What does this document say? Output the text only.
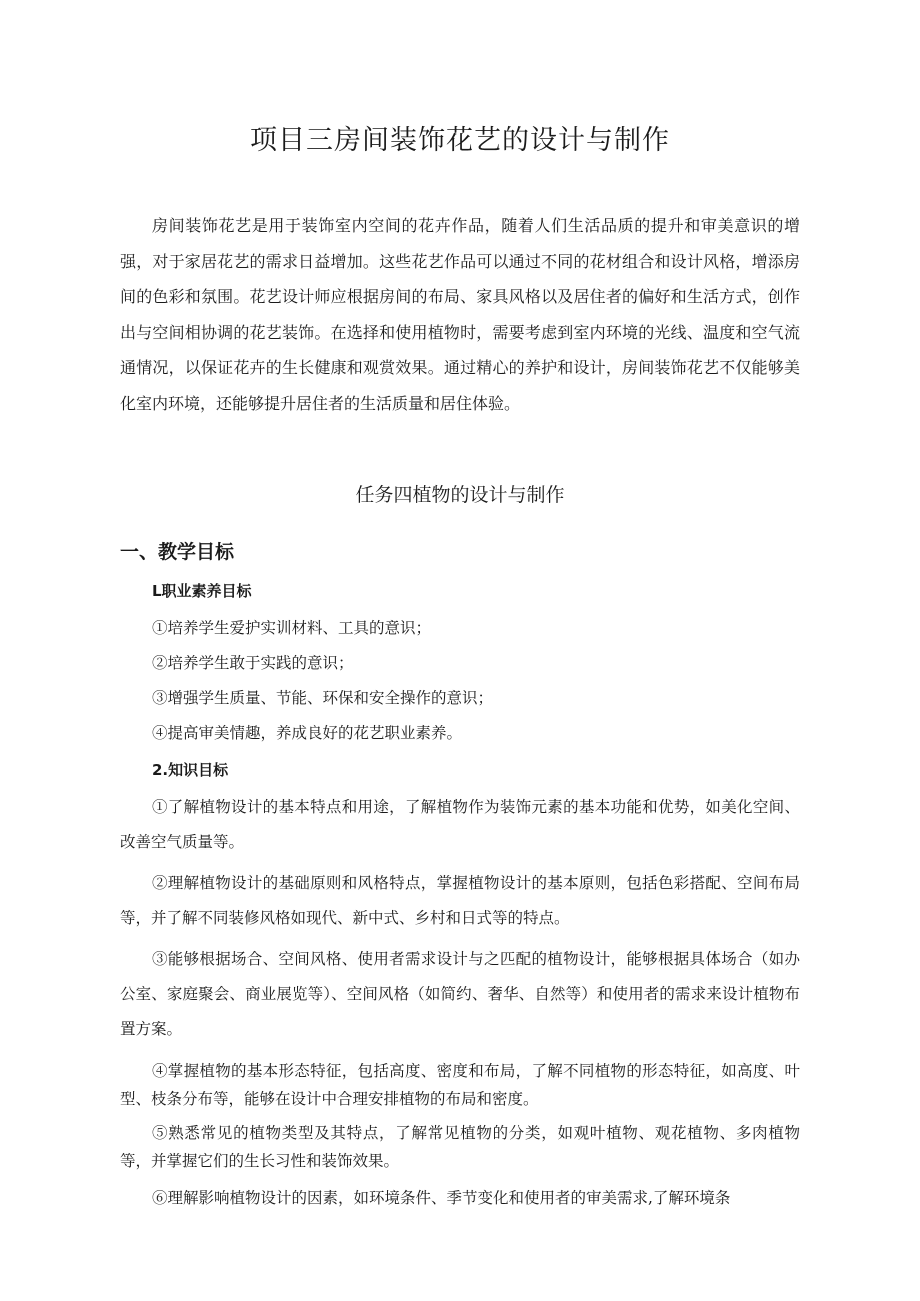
项目三房间装饰花艺的设计与制作

房间装饰花艺是用于装饰室内空间的花卉作品，随着人们生活品质的提升和审美意识的增强，对于家居花艺的需求日益增加。这些花艺作品可以通过不同的花材组合和设计风格，增添房间的色彩和氛围。花艺设计师应根据房间的布局、家具风格以及居住者的偏好和生活方式，创作出与空间相协调的花艺装饰。在选择和使用植物时，需要考虑到室内环境的光线、温度和空气流通情况，以保证花卉的生长健康和观赏效果。通过精心的养护和设计，房间装饰花艺不仅能够美化室内环境，还能够提升居住者的生活质量和居住体验。

任务四植物的设计与制作
一、教学目标

L职业素养目标

①培养学生爱护实训材料、工具的意识；

②培养学生敢于实践的意识；

③增强学生质量、节能、环保和安全操作的意识；

④提高审美情趣，养成良好的花艺职业素养。

2.知识目标

①了解植物设计的基本特点和用途，了解植物作为装饰元素的基本功能和优势，如美化空间、改善空气质量等。

②理解植物设计的基础原则和风格特点，掌握植物设计的基本原则，包括色彩搭配、空间布局等，并了解不同装修风格如现代、新中式、乡村和日式等的特点。

③能够根据场合、空间风格、使用者需求设计与之匹配的植物设计，能够根据具体场合（如办公室、家庭聚会、商业展览等）、空间风格（如简约、奢华、自然等）和使用者的需求来设计植物布置方案。

④掌握植物的基本形态特征，包括高度、密度和布局，了解不同植物的形态特征，如高度、叶型、枝条分布等，能够在设计中合理安排植物的布局和密度。

⑤熟悉常见的植物类型及其特点，了解常见植物的分类，如观叶植物、观花植物、多肉植物等，并掌握它们的生长习性和装饰效果。

⑥理解影响植物设计的因素，如环境条件、季节变化和使用者的审美需求,了解环境条
